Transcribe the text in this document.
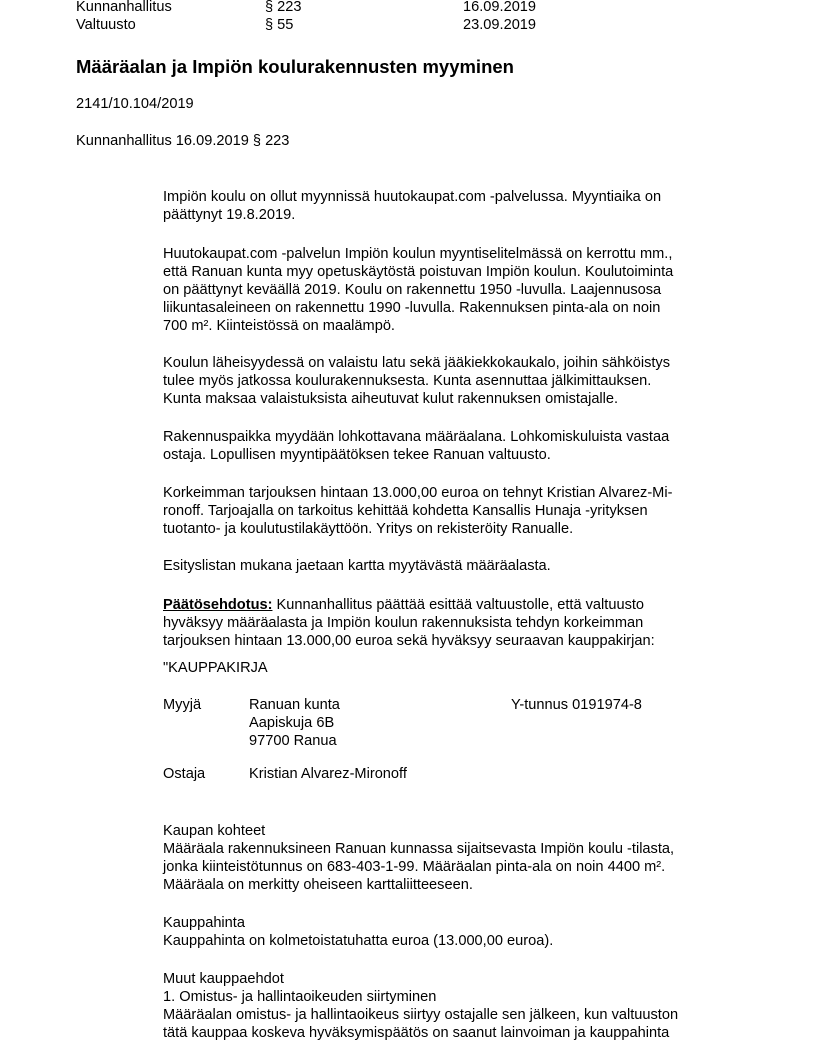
Kunnanhallitus	§ 223	16.09.2019
Valtuusto	§ 55	23.09.2019
Määräalan ja Impiön koulurakennusten myyminen
2141/10.104/2019
Kunnanhallitus 16.09.2019 § 223
Impiön koulu on ollut myynnissä huutokaupat.com -palvelussa. Myyntiaika on
päättynyt 19.8.2019.
Huutokaupat.com -palvelun Impiön koulun myyntiselitelmässä on kerrottu mm.,
että Ranuan kunta myy opetuskäytöstä poistuvan Impiön koulun. Koulutoiminta
on päättynyt keväällä 2019. Koulu on rakennettu 1950 -luvulla. Laajennusosa
liikuntasaleineen on rakennettu 1990 -luvulla. Rakennuksen pinta-ala on noin
700 m². Kiinteistössä on maalämpö.
Koulun läheisyydessä on valaistu latu sekä jääkiekkokaukalo, joihin sähköistys
tulee myös jatkossa koulurakennuksesta. Kunta asennuttaa jälkimittauksen.
Kunta maksaa valaistuksista aiheutuvat kulut rakennuksen omistajalle.
Rakennuspaikka myydään lohkottavana määräalana. Lohkomiskuluista vastaa
ostaja. Lopullisen myyntipäätöksen tekee Ranuan valtuusto.
Korkeimman tarjouksen hintaan 13.000,00 euroa on tehnyt Kristian Alvarez-Mi-
ronoff. Tarjoajalla on tarkoitus kehittää kohdetta Kansallis Hunaja -yrityksen
tuotanto- ja koulutustilakäyttöön. Yritys on rekisteröity Ranualle.
Esityslistan mukana jaetaan kartta myytävästä määräalasta.
Päätösehdotus: Kunnanhallitus päättää esittää valtuustolle, että valtuusto
hyväksyy määräalasta ja Impiön koulun rakennuksista tehdyn korkeimman
tarjouksen hintaan 13.000,00 euroa sekä hyväksyy seuraavan kauppakirjan:
"KAUPPAKIRJA
Myyjä	Ranuan kunta
Aapiskuja 6B
97700 Ranua
Y-tunnus 0191974-8
Ostaja	Kristian Alvarez-Mironoff
Kaupan kohteet
Määräala rakennuksineen Ranuan kunnassa sijaitsevasta Impiön koulu -tilasta,
jonka kiinteistötunnus on 683-403-1-99. Määräalan pinta-ala on noin 4400 m².
Määräala on merkitty oheiseen karttaliitteeseen.
Kauppahinta
Kauppahinta on kolmetoistatuhatta euroa (13.000,00 euroa).
Muut kauppaehdot
1. Omistus- ja hallintaoikeuden siirtyminen
Määräalan omistus- ja hallintaoikeus siirtyy ostajalle sen jälkeen, kun valtuuston
tätä kauppaa koskeva hyväksymispäätös on saanut lainvoiman ja kauppahinta
